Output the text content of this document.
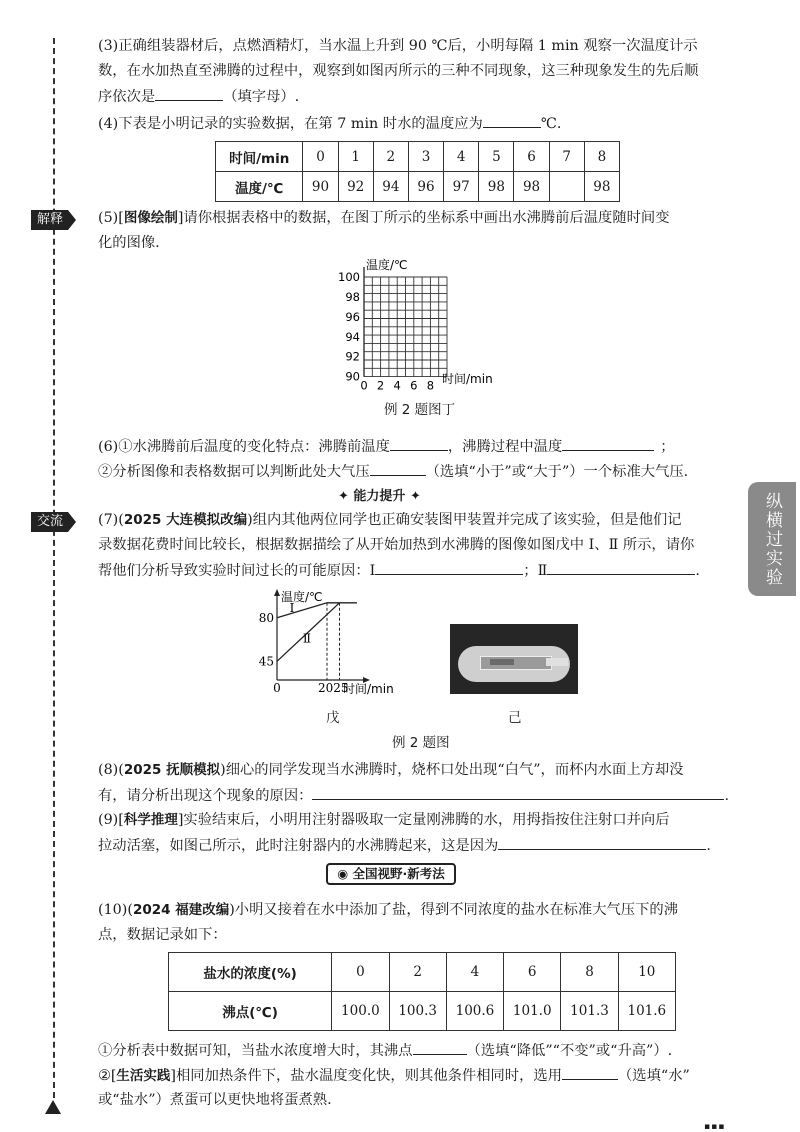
(3)正确组装器材后，点燃酒精灯，当水温上升到 90 ℃后，小明每隔 1 min 观察一次温度计示
数，在水加热直至沸腾的过程中，观察到如图丙所示的三种不同现象，这三种现象发生的先后顺
序依次是	（填字母）.
(4)下表是小明记录的实验数据，在第 7 min 时水的温度应为	℃.
时间/min	0	1	2	3	4	5	6	7	8
温度/℃	90	92	94	96	97	98	98		98
解释	(5)[图像绘制]请你根据表格中的数据，在图丁所示的坐标系中画出水沸腾前后温度随时间变
化的图像.
温度/℃
时间/min
100
98
96
94
92
90
0 2 4 6 8
例 2 题图丁
(6)①水沸腾前后温度的变化特点：沸腾前温度	，沸腾过程中温度	；
②分析图像和表格数据可以判断此处大气压	（选填“小于”或“大于”）一个标准大气压.
✦ 能力提升 ✦
交流	纵横过实验
(7)(2025 大连模拟改编)组内其他两位同学也正确安装图甲装置并完成了该实验，但是他们记
录数据花费时间比较长，根据数据描绘了从开始加热到水沸腾的图像如图戊中 Ⅰ、Ⅱ 所示，请你
帮他们分析导致实验时间过长的可能原因：Ⅰ	；Ⅱ	.
温度/℃
时间/min
80
45
0	2025
Ⅰ
Ⅱ
戊	己
例 2 题图
(8)(2025 抚顺模拟)细心的同学发现当水沸腾时，烧杯口处出现“白气”，而杯内水面上方却没
有，请分析出现这个现象的原因：	.
(9)[科学推理]实验结束后，小明用注射器吸取一定量刚沸腾的水，用拇指按住注射口并向后
拉动活塞，如图己所示，此时注射器内的水沸腾起来，这是因为	.
◉ 全国视野·新考法
(10)(2024 福建改编)小明又接着在水中添加了盐，得到不同浓度的盐水在标准大气压下的沸
点，数据记录如下：
盐水的浓度(%)	0	2	4	6	8	10
沸点(℃)	100.0	100.3	100.6	101.0	101.3	101.6
①分析表中数据可知，当盐水浓度增大时，其沸点	（选填“降低”“不变”或“升高”）.
②[生活实践]相同加热条件下，盐水温度变化快，则其他条件相同时，选用	（选填“水”
或“盐水”）煮蛋可以更快地将蛋煮熟.
▪▪▪
